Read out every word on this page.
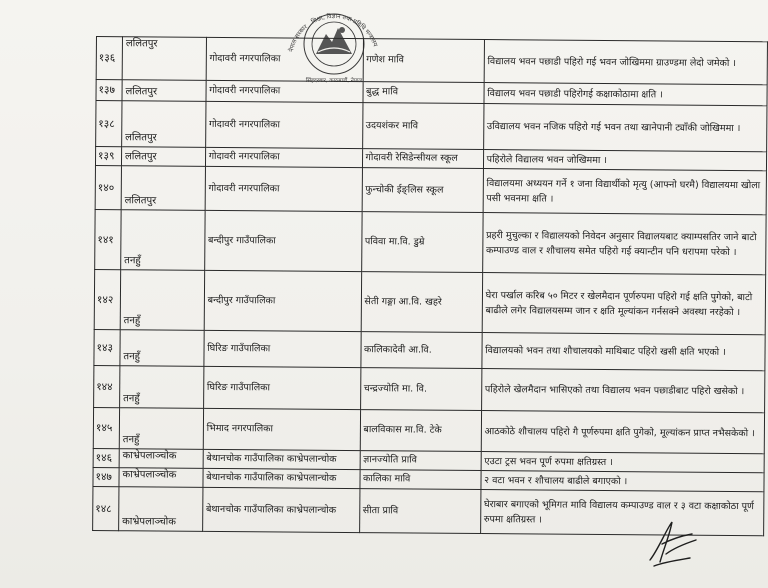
नेपाल सरकार शिक्षा, विज्ञान तथा प्रविधि मन्त्रालय
सिंहदरबार, काठमाडौं, नेपाल
१३६	ललितपुर	गोदावरी नगरपालिका	गणेश मावि	विद्यालय भवन पछाडी पहिरो गई भवन जोखिममा ग्राउण्डमा लेदो जमेको ।
१३७	ललितपुर	गोदावरी नगरपालिका	बुद्ध मावि	विद्यालय भवन पछाडी पहिरोगई कक्षाकोठामा क्षति ।
१३८	ललितपुर	गोदावरी नगरपालिका	उदयशंकर मावि	उविद्यालय भवन नजिक पहिरो गई भवन तथा खानेपानी ट्याँकी जोखिममा ।
१३९	ललितपुर	गोदावरी नगरपालिका	गोदावरी रेसिडेन्सीयल स्कूल	पहिरोले विद्यालय भवन जोखिममा ।
१४०	ललितपुर	गोदावरी नगरपालिका	फुन्चोकी ईङ्लिस स्कूल	विद्यालयमा अध्ययन गर्ने १ जना विद्यार्थीको मृत्यु (आफ्नो घरमै) विद्यालयमा खोला पसी भवनमा क्षति ।
१४१	तनहुँ	बन्दीपुर गाउँपालिका	पविवा मा.वि. डुम्रे	प्रहरी मुचुल्का र विद्यालयको निवेदन अनुसार विद्यालयबाट क्याम्पसतिर जाने बाटो कम्पाउण्ड वाल र शौचालय समेत पहिरो गई क्यान्टीन पनि धरापमा परेको ।
१४२	तनहुँ	बन्दीपुर गाउँपालिका	सेती गङ्गा आ.वि. खहरे	घेरा पर्खाल करिब ५० मिटर र खेलमैदान पूर्णरुपमा पहिरो गई क्षति पुगेको, बाटो बाढीले लगेर विद्यालयसम्म जान र क्षति मूल्यांकन गर्नसक्ने अवस्था नरहेको ।
१४३	तनहुँ	घिरिङ गाउँपालिका	कालिकादेवी आ.वि.	विद्यालयको भवन तथा शौचालयको माथिबाट पहिरो खसी क्षति भएको ।
१४४	तनहुँ	घिरिङ गाउँपालिका	चन्द्रज्योति मा. वि.	पहिरोले खेलमैदान भासिएको तथा विद्यालय भवन पछाडीबाट पहिरो खसेको ।
१४५	तनहुँ	भिमाद नगरपालिका	बालविकास मा.वि. टेके	आठकोठे शौचालय पहिरो गै पूर्णरुपमा क्षति पुगेको, मूल्यांकन प्राप्त नभैसकेको ।
१४६	काभ्रेपलाञ्चोक	बेथानचोक गाउँपालिका काभ्रेपलान्चोक	ज्ञानज्योति प्रावि	एउटा ट्रस भवन पूर्ण रुपमा क्षतिग्रस्त ।
१४७	काभ्रेपलाञ्चोक	बेथानचोक गाउँपालिका काभ्रेपलान्चोक	कालिका मावि	२ वटा भवन र शौचालय बाढीले बगाएको ।
१४८	काभ्रेपलाञ्चोक	बेथानचोक गाउँपालिका काभ्रेपलान्चोक	सीता प्रावि	घेराबार बगाएको भूमिगत मावि विद्यालय कम्पाउण्ड वाल र ३ वटा कक्षाकोठा पूर्ण रुपमा क्षतिग्रस्त ।
